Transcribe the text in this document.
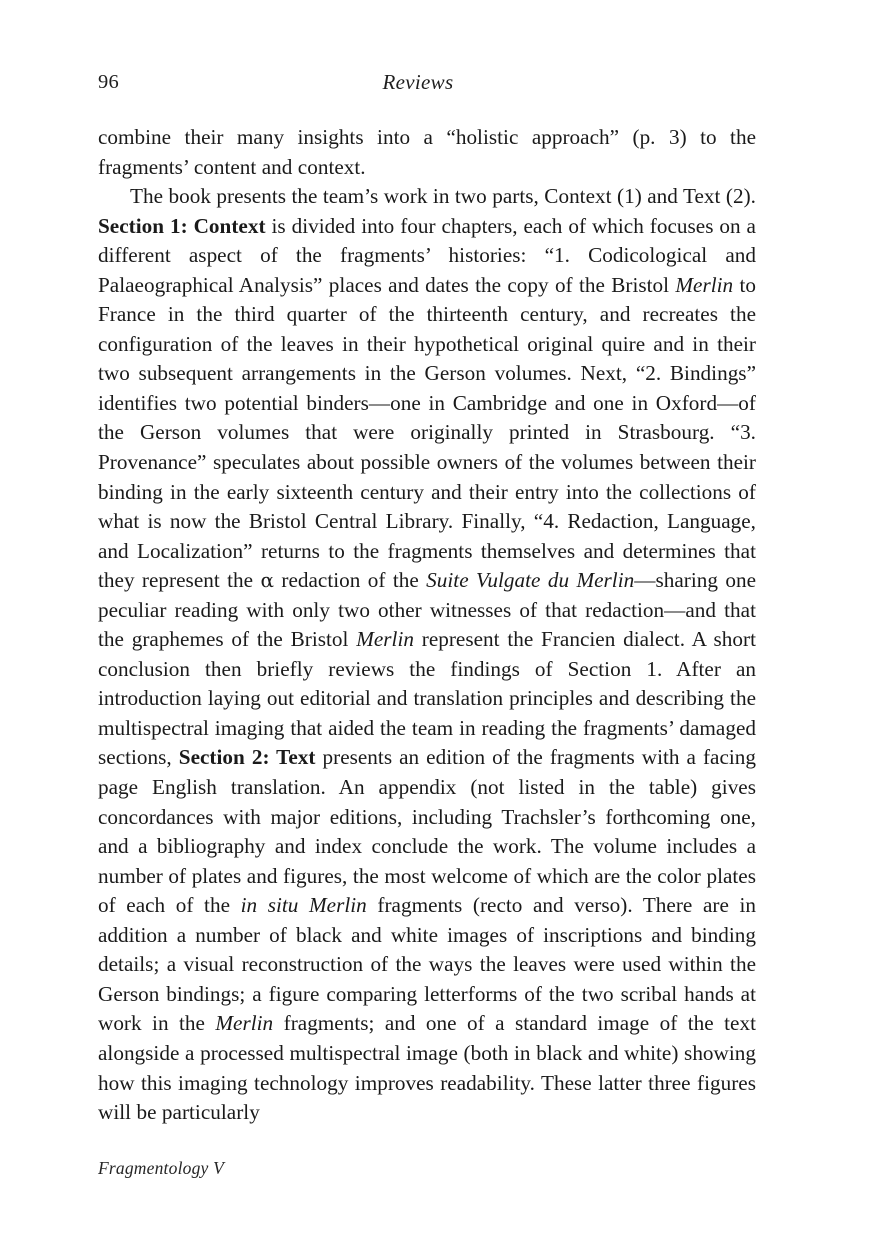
96	Reviews

combine their many insights into a “holistic approach” (p. 3) to the fragments’ content and context.

The book presents the team’s work in two parts, Context (1) and Text (2). Section 1: Context is divided into four chapters, each of which focuses on a different aspect of the fragments’ histories: “1. Codicological and Palaeographical Analysis” places and dates the copy of the Bristol Merlin to France in the third quarter of the thirteenth century, and recreates the configuration of the leaves in their hypothetical original quire and in their two subsequent arrangements in the Gerson volumes. Next, “2. Bindings” identifies two potential binders—one in Cambridge and one in Oxford—of the Gerson volumes that were originally printed in Strasbourg. “3. Provenance” speculates about possible owners of the volumes between their binding in the early sixteenth century and their entry into the collections of what is now the Bristol Central Library. Finally, “4. Redaction, Language, and Localization” returns to the fragments themselves and determines that they represent the α redaction of the Suite Vulgate du Merlin—sharing one peculiar reading with only two other witnesses of that redaction—and that the graphemes of the Bristol Merlin represent the Francien dialect. A short conclusion then briefly reviews the findings of Section 1. After an introduction laying out editorial and translation principles and describing the multispectral imaging that aided the team in reading the fragments’ damaged sections, Section 2: Text presents an edition of the fragments with a facing page English translation. An appendix (not listed in the table) gives concordances with major editions, including Trachsler’s forthcoming one, and a bibliography and index conclude the work. The volume includes a number of plates and figures, the most welcome of which are the color plates of each of the in situ Merlin fragments (recto and verso). There are in addition a number of black and white images of inscriptions and binding details; a visual reconstruction of the ways the leaves were used within the Gerson bindings; a figure comparing letterforms of the two scribal hands at work in the Merlin fragments; and one of a standard image of the text alongside a processed multispectral image (both in black and white) showing how this imaging technology improves readability. These latter three figures will be particularly

Fragmentology V
